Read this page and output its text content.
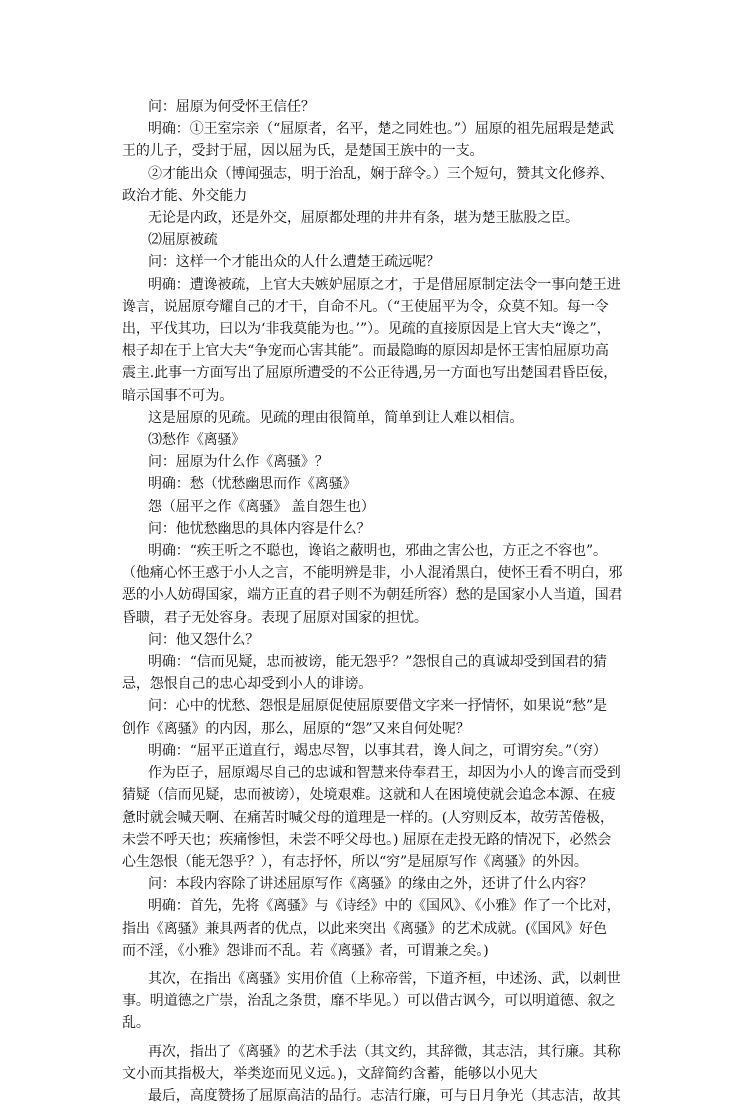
问：屈原为何受怀王信任？
明确：①王室宗亲（“屈原者，名平，楚之同姓也。”）屈原的祖先屈瑕是楚武
王的儿子，受封于屈，因以屈为氏，是楚国王族中的一支。
②才能出众（博闻强志，明于治乱，娴于辞令。）三个短句，赞其文化修养、
政治才能、外交能力
无论是内政，还是外交，屈原都处理的井井有条，堪为楚王肱股之臣。
⑵屈原被疏
问：这样一个才能出众的人什么遭楚王疏远呢？
明确：遭谗被疏，上官大夫嫉妒屈原之才，于是借屈原制定法令一事向楚王进
谗言，说屈原夸耀自己的才干，自命不凡。（“王使屈平为令，众莫不知。每一令
出，平伐其功，曰以为‘非我莫能为也。’”）。见疏的直接原因是上官大夫“谗之”，
根子却在于上官大夫“争宠而心害其能”。而最隐晦的原因却是怀王害怕屈原功高
震主.此事一方面写出了屈原所遭受的不公正待遇,另一方面也写出楚国君昏臣佞，
暗示国事不可为。
这是屈原的见疏。见疏的理由很简单，简单到让人难以相信。
⑶愁作《离骚》
问：屈原为什么作《离骚》？
明确：愁（忧愁幽思而作《离骚》
怨（屈平之作《离骚》 盖自怨生也）
问：他忧愁幽思的具体内容是什么？
明确：“疾王听之不聪也，谗谄之蔽明也，邪曲之害公也，方正之不容也”。
（他痛心怀王惑于小人之言，不能明辨是非，小人混淆黑白，使怀王看不明白，邪
恶的小人妨碍国家，端方正直的君子则不为朝廷所容）愁的是国家小人当道，国君
昏聩，君子无处容身。表现了屈原对国家的担忧。
问：他又怨什么？
明确：“信而见疑，忠而被谤，能无怨乎？”怨恨自己的真诚却受到国君的猜
忌，怨恨自己的忠心却受到小人的诽谤。
问：心中的忧愁、怨恨是屈原促使屈原要借文字来一抒情怀，如果说“愁”是
创作《离骚》的内因，那么，屈原的“怨”又来自何处呢？
明确：“屈平正道直行，竭忠尽智，以事其君，谗人间之，可谓穷矣。”（穷）
作为臣子，屈原竭尽自己的忠诚和智慧来侍奉君王，却因为小人的谗言而受到
猜疑（信而见疑，忠而被谤），处境艰难。这就和人在困境使就会追念本源、在疲
惫时就会喊天啊、在痛苦时喊父母的道理是一样的。(人穷则反本，故劳苦倦极，
未尝不呼天也；疾痛惨怛，未尝不呼父母也。) 屈原在走投无路的情况下，必然会
心生怨恨（能无怨乎？），有志抒怀，所以“穷”是屈原写作《离骚》的外因。
问：本段内容除了讲述屈原写作《离骚》的缘由之外，还讲了什么内容？
明确：首先，先将《离骚》与《诗经》中的《国风》、《小雅》作了一个比对，
指出《离骚》兼具两者的优点，以此来突出《离骚》的艺术成就。(《国风》好色
而不淫，《小雅》怨诽而不乱。若《离骚》者，可谓兼之矣。)
其次，在指出《离骚》实用价值（上称帝喾，下道齐桓，中述汤、武，以刺世
事。明道德之广崇，治乱之条贯，靡不毕见。）可以借古讽今，可以明道德、叙之
乱。
再次，指出了《离骚》的艺术手法（其文约，其辞微，其志洁，其行廉。其称
文小而其指极大，举类迩而见义远。)，文辞简约含蓄，能够以小见大
最后，高度赞扬了屈原高洁的品行。志洁行廉，可与日月争光（其志洁，故其
